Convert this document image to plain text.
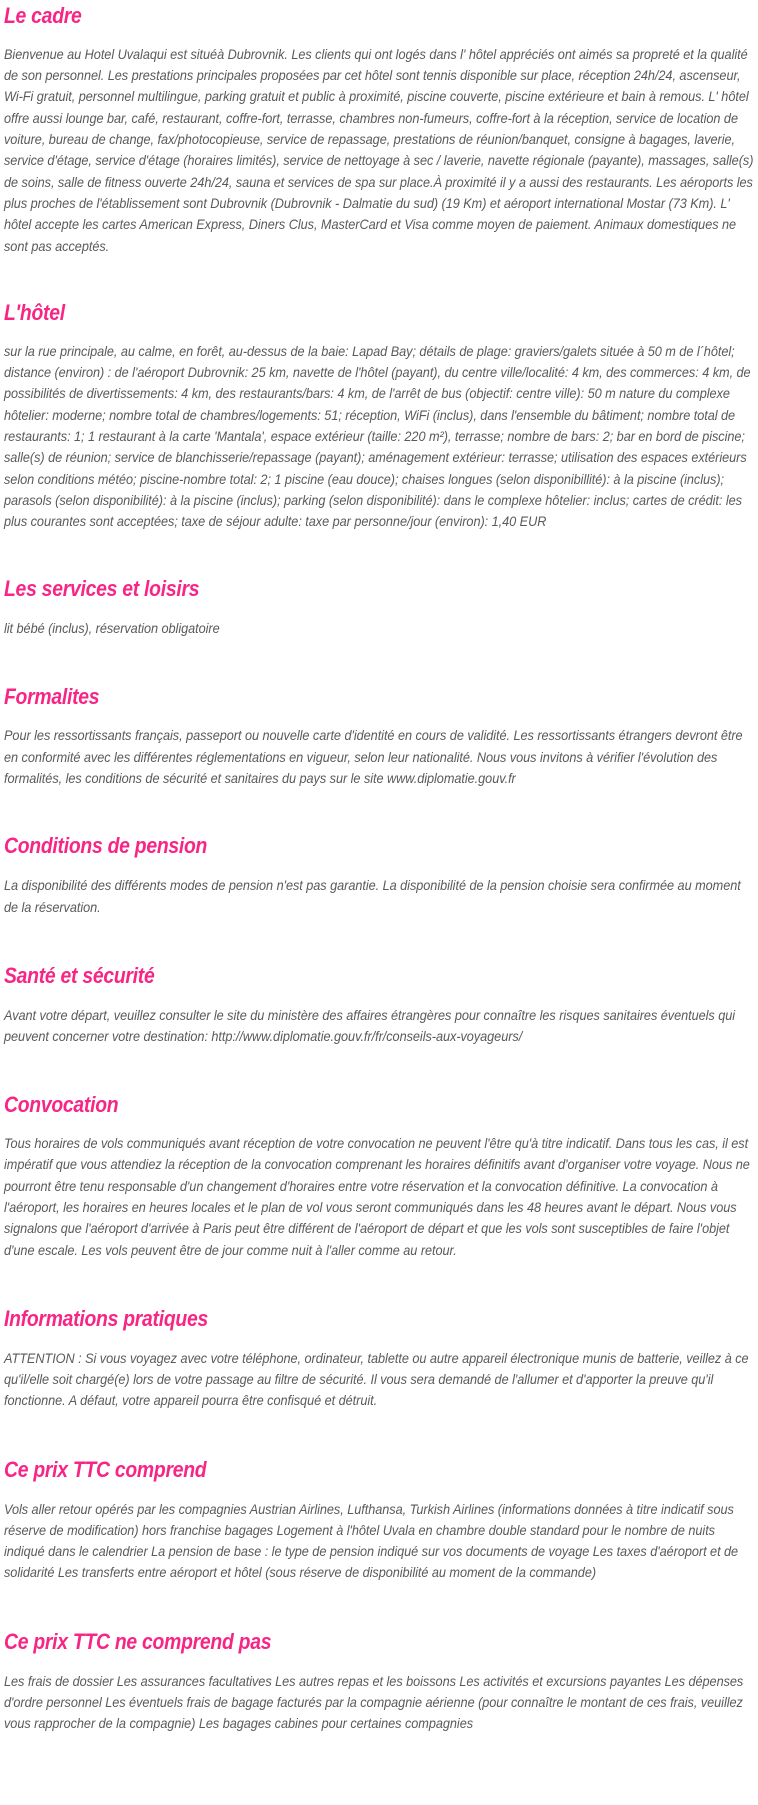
Le cadre

Bienvenue au Hotel Uvalaqui est situéà Dubrovnik. Les clients qui ont logés dans l' hôtel appréciés ont aimés sa propreté et la qualité de son personnel. Les prestations principales proposées par cet hôtel sont tennis disponible sur place, réception 24h/24, ascenseur, Wi-Fi gratuit, personnel multilingue, parking gratuit et public à proximité, piscine couverte, piscine extérieure et bain à remous. L' hôtel offre aussi lounge bar, café, restaurant, coffre-fort, terrasse, chambres non-fumeurs, coffre-fort à la réception, service de location de voiture, bureau de change, fax/photocopieuse, service de repassage, prestations de réunion/banquet, consigne à bagages, laverie, service d'étage, service d'étage (horaires limités), service de nettoyage à sec / laverie, navette régionale (payante), massages, salle(s) de soins, salle de fitness ouverte 24h/24, sauna et services de spa sur place.À proximité il y a aussi des restaurants. Les aéroports les plus proches de l'établissement sont Dubrovnik (Dubrovnik - Dalmatie du sud) (19 Km) et aéroport international Mostar (73 Km). L' hôtel accepte les cartes American Express, Diners Clus, MasterCard et Visa comme moyen de paiement. Animaux domestiques ne sont pas acceptés.

L'hôtel

sur la rue principale, au calme, en forêt, au-dessus de la baie: Lapad Bay; détails de plage: graviers/galets située à 50 m de l´hôtel; distance (environ) : de l'aéroport Dubrovnik: 25 km, navette de l'hôtel (payant), du centre ville/localité: 4 km, des commerces: 4 km, de possibilités de divertissements: 4 km, des restaurants/bars: 4 km, de l'arrêt de bus (objectif: centre ville): 50 m nature du complexe hôtelier: moderne; nombre total de chambres/logements: 51; réception, WiFi (inclus), dans l'ensemble du bâtiment; nombre total de restaurants: 1; 1 restaurant à la carte 'Mantala', espace extérieur (taille: 220 m²), terrasse; nombre de bars: 2; bar en bord de piscine; salle(s) de réunion; service de blanchisserie/repassage (payant); aménagement extérieur: terrasse; utilisation des espaces extérieurs selon conditions météo; piscine-nombre total: 2; 1 piscine (eau douce); chaises longues (selon disponibillité): à la piscine (inclus); parasols (selon disponibilité): à la piscine (inclus); parking (selon disponibilité): dans le complexe hôtelier: inclus; cartes de crédit: les plus courantes sont acceptées; taxe de séjour adulte: taxe par personne/jour (environ): 1,40 EUR

Les services et loisirs

lit bébé (inclus), réservation obligatoire

Formalites

Pour les ressortissants français, passeport ou nouvelle carte d'identité en cours de validité. Les ressortissants étrangers devront être en conformité avec les différentes réglementations en vigueur, selon leur nationalité. Nous vous invitons à vérifier l'évolution des formalités, les conditions de sécurité et sanitaires du pays sur le site www.diplomatie.gouv.fr

Conditions de pension

La disponibilité des différents modes de pension n'est pas garantie. La disponibilité de la pension choisie sera confirmée au moment de la réservation.

Santé et sécurité

Avant votre départ, veuillez consulter le site du ministère des affaires étrangères pour connaître les risques sanitaires éventuels qui peuvent concerner votre destination: http://www.diplomatie.gouv.fr/fr/conseils-aux-voyageurs/

Convocation

Tous horaires de vols communiqués avant réception de votre convocation ne peuvent l'être qu'à titre indicatif. Dans tous les cas, il est impératif que vous attendiez la réception de la convocation comprenant les horaires définitifs avant d'organiser votre voyage. Nous ne pourront être tenu responsable d'un changement d'horaires entre votre réservation et la convocation définitive. La convocation à l'aéroport, les horaires en heures locales et le plan de vol vous seront communiqués dans les 48 heures avant le départ. Nous vous signalons que l'aéroport d'arrivée à Paris peut être différent de l'aéroport de départ et que les vols sont susceptibles de faire l'objet d'une escale. Les vols peuvent être de jour comme nuit à l'aller comme au retour.

Informations pratiques

ATTENTION : Si vous voyagez avec votre téléphone, ordinateur, tablette ou autre appareil électronique munis de batterie, veillez à ce qu'il/elle soit chargé(e) lors de votre passage au filtre de sécurité. Il vous sera demandé de l'allumer et d'apporter la preuve qu'il fonctionne. A défaut, votre appareil pourra être confisqué et détruit.

Ce prix TTC comprend

Vols aller retour opérés par les compagnies Austrian Airlines, Lufthansa, Turkish Airlines (informations données à titre indicatif sous réserve de modification) hors franchise bagages Logement à l'hôtel Uvala en chambre double standard pour le nombre de nuits indiqué dans le calendrier La pension de base : le type de pension indiqué sur vos documents de voyage Les taxes d'aéroport et de solidarité Les transferts entre aéroport et hôtel (sous réserve de disponibilité au moment de la commande)

Ce prix TTC ne comprend pas

Les frais de dossier Les assurances facultatives Les autres repas et les boissons Les activités et excursions payantes Les dépenses d'ordre personnel Les éventuels frais de bagage facturés par la compagnie aérienne (pour connaître le montant de ces frais, veuillez vous rapprocher de la compagnie) Les bagages cabines pour certaines compagnies
